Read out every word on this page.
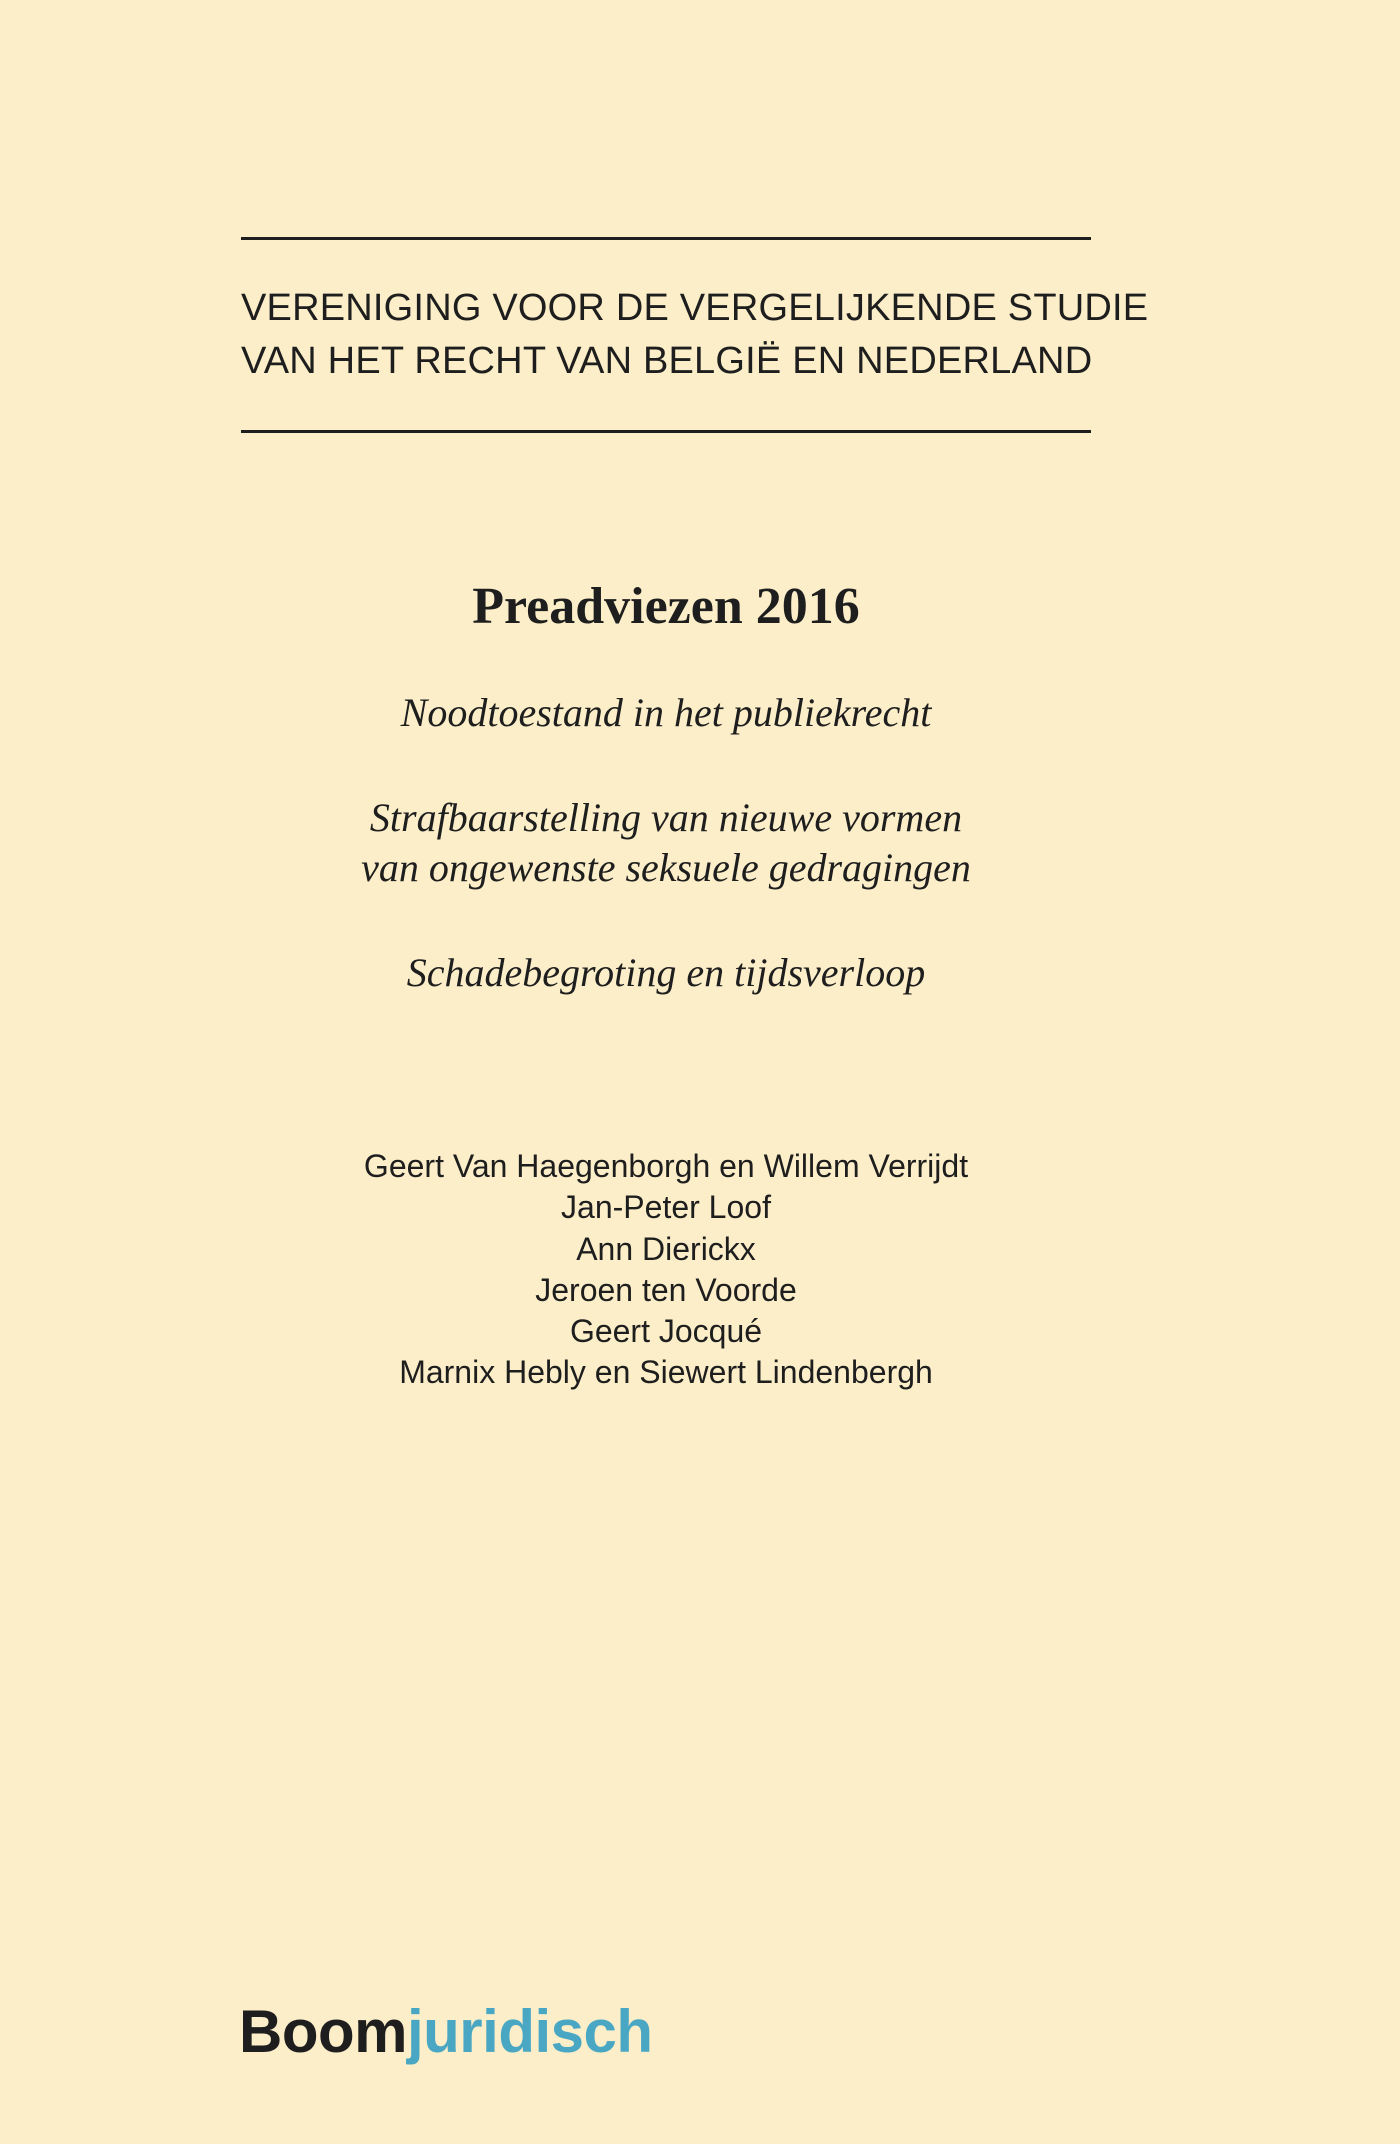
VERENIGING VOOR DE VERGELIJKENDE STUDIE
VAN HET RECHT VAN BELGIË EN NEDERLAND
Preadviezen 2016
Noodtoestand in het publiekrecht
Strafbaarstelling van nieuwe vormen
van ongewenste seksuele gedragingen
Schadebegroting en tijdsverloop
Geert Van Haegenborgh en Willem Verrijdt
Jan-Peter Loof
Ann Dierickx
Jeroen ten Voorde
Geert Jocqué
Marnix Hebly en Siewert Lindenbergh
Boomjuridisch
